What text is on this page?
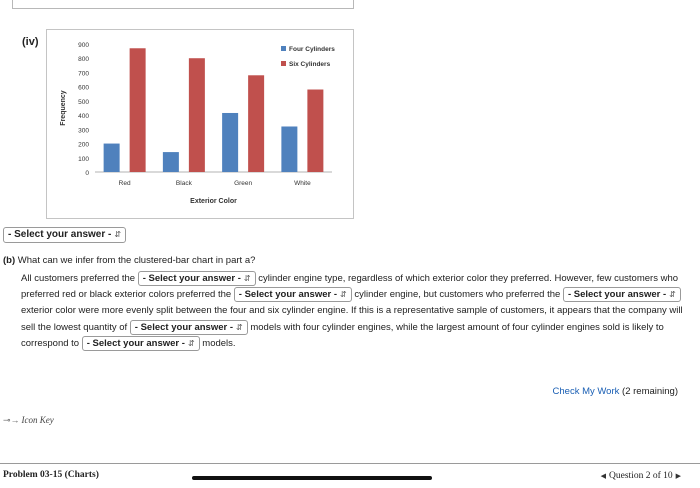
(iv)
0
100
200
300
400
500
600
700
800
900
Frequency
Red	Black	Green	White
Exterior Color
Four Cylinders
Six Cylinders
- Select your answer - ⇵
(b) What can we infer from the clustered-bar chart in part a?
All customers preferred the - Select your answer - ⇵ cylinder engine type, regardless of which exterior color they preferred. However, few customers who preferred red or black exterior colors preferred the - Select your answer - ⇵ cylinder engine, but customers who preferred the - Select your answer - ⇵ exterior color were more evenly split between the four and six cylinder engine. If this is a representative sample of customers, it appears that the company will sell the lowest quantity of - Select your answer - ⇵ models with four cylinder engines, while the largest amount of four cylinder engines sold is likely to correspond to - Select your answer - ⇵ models.
Check My Work (2 remaining)
⊸→ Icon Key
Problem 03-15 (Charts)	◀ Question 2 of 10 ▶
